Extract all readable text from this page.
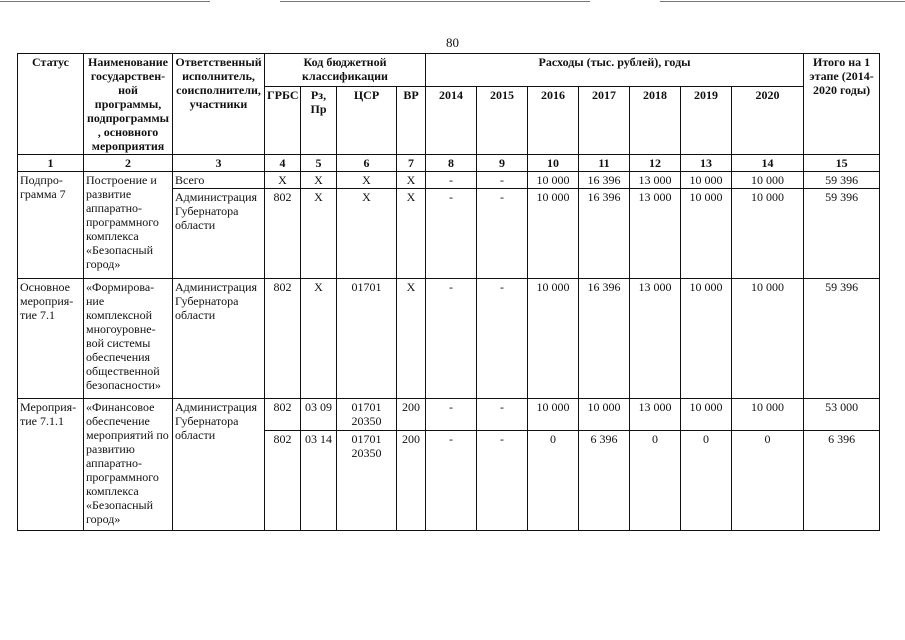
80
Статус	Наименование государствен-ной программы, подпрограммы, основного мероприятия	Ответственный исполнитель, соисполнители, участники	Код бюджетной классификации				Расходы (тыс. рублей), годы							Итого на 1 этапе (2014-2020 годы)
			ГРБС	Рз, Пр	ЦСР	ВР	2014	2015	2016	2017	2018	2019	2020	
1	2	3	4	5	6	7	8	9	10	11	12	13	14	15
Подпро-грамма 7	Построение и развитие аппаратно-программного комплекса «Безопасный город»	Всего	Х	Х	Х	Х	-	-	10 000	16 396	13 000	10 000	10 000	59 396
		Администрация Губернатора области	802	Х	Х	Х	-	-	10 000	16 396	13 000	10 000	10 000	59 396
Основное мероприя-тие 7.1	«Формирова-ние комплексной многоуровне-вой системы обеспечения общественной безопасности»	Администрация Губернатора области	802	Х	01701	Х	-	-	10 000	16 396	13 000	10 000	10 000	59 396
Мероприя-тие 7.1.1	«Финансовое обеспечение мероприятий по развитию аппаратно-программного комплекса «Безопасный город»	Администрация Губернатора области	802	03 09	01701 20350	200	-	-	10 000	10 000	13 000	10 000	10 000	53 000
			802	03 14	01701 20350	200	-	-	0	6 396	0	0	0	6 396
